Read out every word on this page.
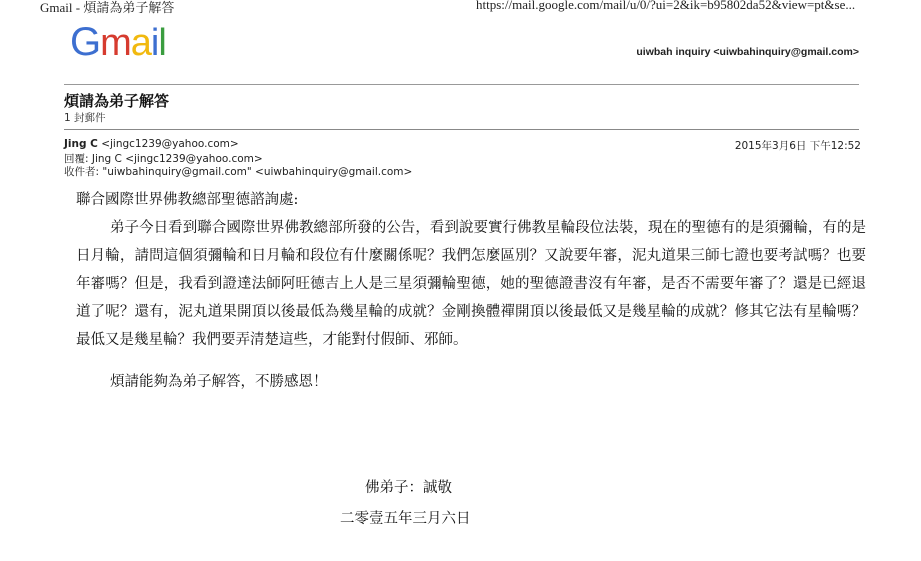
Gmail - 煩請為弟子解答	https://mail.google.com/mail/u/0/?ui=2&ik=b95802da52&view=pt&se...
Gmail	uiwbah inquiry <uiwbahinquiry@gmail.com>
煩請為弟子解答
1 封郵件
Jing C <jingc1239@yahoo.com>	2015年3月6日 下午12:52
回覆: Jing C <jingc1239@yahoo.com>
收件者: "uiwbahinquiry@gmail.com" <uiwbahinquiry@gmail.com>

聯合國際世界佛教總部聖德諮詢處:

弟子今日看到聯合國際世界佛教總部所發的公告，看到說要實行佛教星輪段位法裝，現在的聖德有的是須彌輪，有的是日月輪，請問這個須彌輪和日月輪和段位有什麼關係呢？我們怎麼區別？又說要年審，泥丸道果三師七證也要考試嗎？也要年審嗎？但是，我看到證達法師阿旺德吉上人是三星須彌輪聖德，她的聖德證書沒有年審，是否不需要年審了？還是已經退道了呢？還有，泥丸道果開頂以後最低為幾星輪的成就？金剛換體禪開頂以後最低又是幾星輪的成就？修其它法有星輪嗎？最低又是幾星輪？我們要弄清楚這些，才能對付假師、邪師。

煩請能夠為弟子解答，不勝感恩！

佛弟子：誠敬
二零壹五年三月六日
